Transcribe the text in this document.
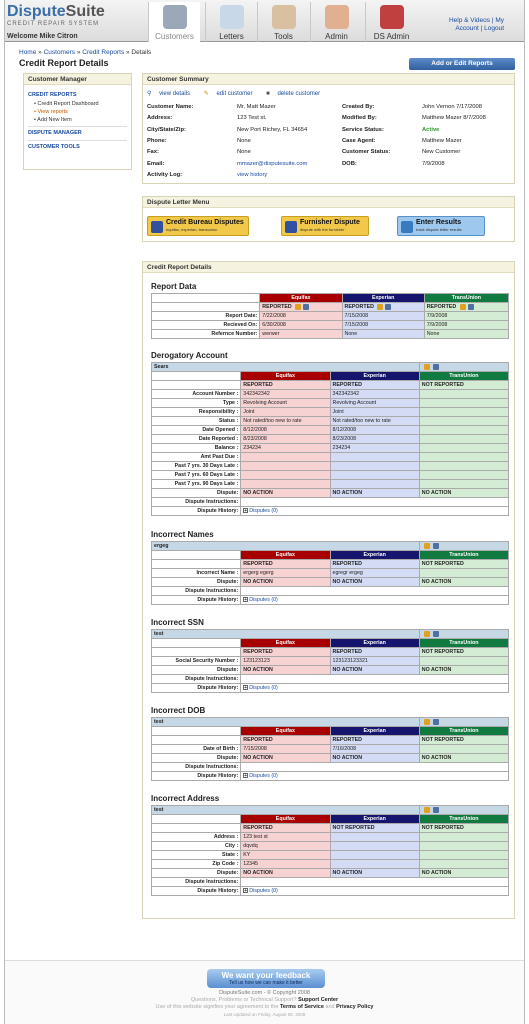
DisputeSuite
CREDIT REPAIR SYSTEM
Welcome Mike Citron	Customers	Letters	Tools	Admin	DS Admin
Help & Videos | My
Account | Logout
Home » Customers » Credit Reports » Details
Credit Report Details	Add or Edit Reports
Customer Manager
CREDIT REPORTS
• Credit Report Dashboard
• View reports
• Add New Item
DISPUTE MANAGER
CUSTOMER TOOLS
Customer Summary
⚲ view details ✎ edit customer ■ delete customer
Customer Name:	Mr. Matt Mazer
Address:	123 Test st.
City/State/Zip:	New Port Richey, FL 34654
Phone:	None
Fax:	None
Email:	mmazer@disputesuite.com
Activity Log:	view history
Created By:	John Vernon 7/17/2008
Modified By:	Matthew Mazer 8/7/2008
Service Status:	Active
Case Agent:	Matthew Mazer
Customer Status:	New Customer
DOB:	7/9/2008
Dispute Letter Menu
Credit Bureau Disputes
equifax, experian, transunion
Furnisher Dispute
dispute with the furnisher
Enter Results
track dispute letter results
Credit Report Details
Report Data
	Equifax	Experian	TransUnion
	REPORTED	REPORTED	REPORTED
Report Date:	7/22/2008	7/15/2008	7/9/2008
Recieved On:	6/30/2008	7/15/2008	7/9/2008
Refernce Number:	werwer	None	None
Derogatory Account
Sears			
	Equifax	Experian	TransUnion
	REPORTED	REPORTED	NOT REPORTED
Account Number :	342342342	342342342	
Type :	Revolving Account	Revolving Account	
Responsibility :	Joint	Joint	
Status :	Not rated/too new to rate	Not rated/too new to rate	
Date Opened :	8/12/2008	8/12/2008	
Date Reported :	8/23/2008	8/23/2008	
Balance :	234234	234234	
Amt Past Due :			
Past 7 yrs. 30 Days Late :			
Past 7 yrs. 60 Days Late :			
Past 7 yrs. 90 Days Late :			
Dispute:	NO ACTION	NO ACTION	NO ACTION
Dispute Instructions:			
Dispute History:	+ Disputes (0)		
Incorrect Names
ergeg			
	Equifax	Experian	TransUnion
	REPORTED	REPORTED	NOT REPORTED
Incorrect Name :	ergerg egerg	egregr ergeg	
Dispute:	NO ACTION	NO ACTION	NO ACTION
Dispute Instructions:			
Dispute History:	+ Disputes (0)		
Incorrect SSN
test			
	Equifax	Experian	TransUnion
	REPORTED	REPORTED	NOT REPORTED
Social Security Number :	123123123	123123123321	
Dispute:	NO ACTION	NO ACTION	NO ACTION
Dispute Instructions:			
Dispute History:	+ Disputes (0)		
Incorrect DOB
test			
	Equifax	Experian	TransUnion
	REPORTED	REPORTED	NOT REPORTED
Date of Birth :	7/15/2008	7/16/2008	
Dispute:	NO ACTION	NO ACTION	NO ACTION
Dispute Instructions:			
Dispute History:	+ Disputes (0)		
Incorrect Address
test			
	Equifax	Experian	TransUnion
	REPORTED	NOT REPORTED	NOT REPORTED
Address :	123 test st		
City :	dqvdq		
State :	KY		
Zip Code :	12345		
Dispute:	NO ACTION	NO ACTION	NO ACTION
Dispute Instructions:			
Dispute History:	+ Disputes (0)		
We want your feedback
Tell us how we can make it better
DisputeSuite.com - © Copyright 2008
Questions, Problems or Technical Support? Support Center
Use of this website signifies your agreement to the Terms of Service and Privacy Policy
Last Updated on Friday, August 08, 2008
